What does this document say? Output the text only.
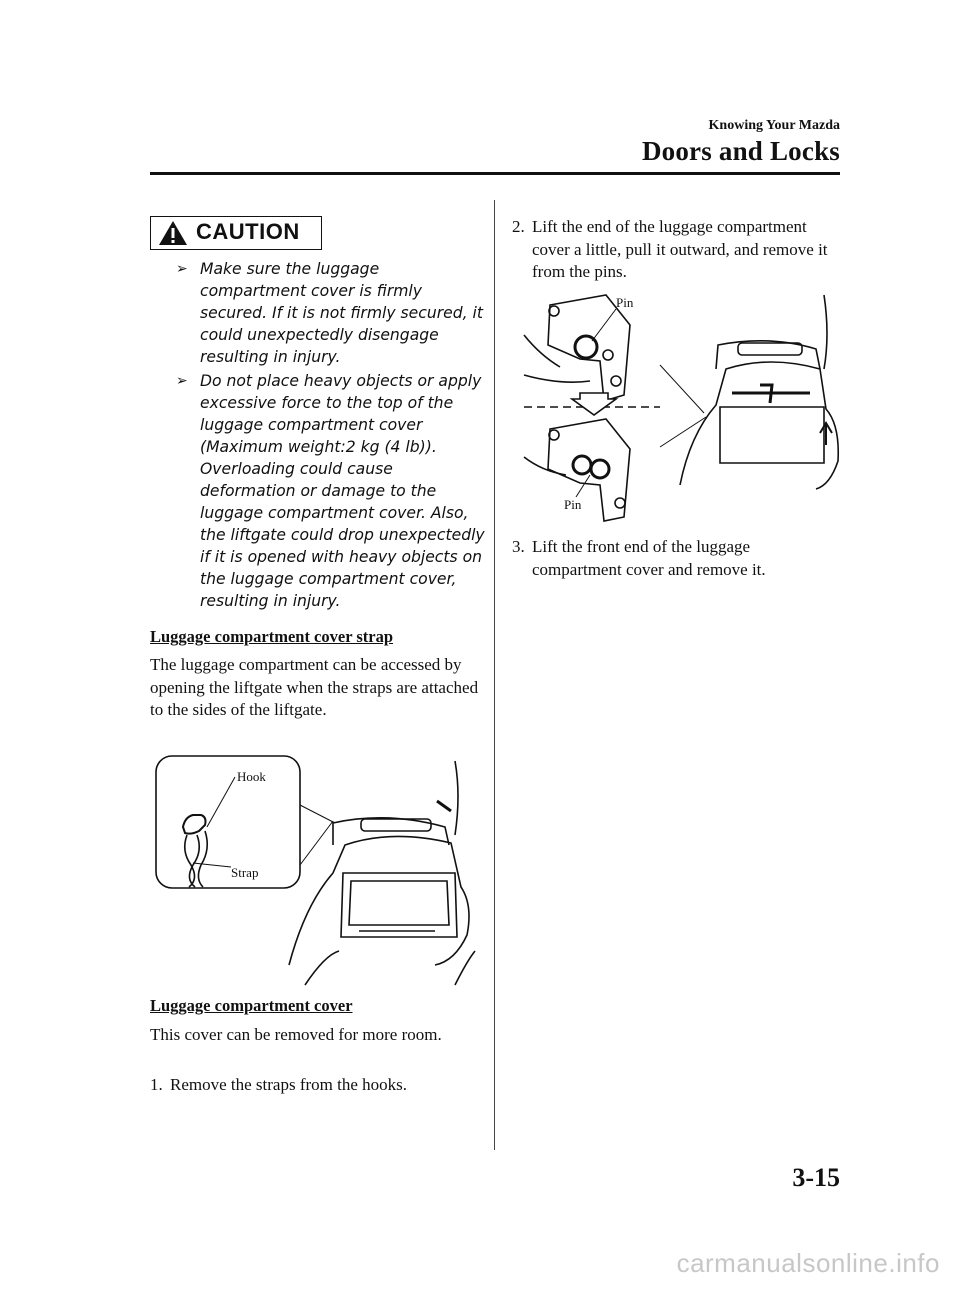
Knowing Your Mazda
Doors and Locks
CAUTION
➢ Make sure the luggage compartment cover is firmly secured. If it is not firmly secured, it could unexpectedly disengage resulting in injury.
➢ Do not place heavy objects or apply excessive force to the top of the luggage compartment cover (Maximum weight:2 kg (4 lb)). Overloading could cause deformation or damage to the luggage compartment cover. Also, the liftgate could drop unexpectedly if it is opened with heavy objects on the luggage compartment cover, resulting in injury.
Luggage compartment cover strap
The luggage compartment can be accessed by opening the liftgate when the straps are attached to the sides of the liftgate.
Hook
Strap
Luggage compartment cover
This cover can be removed for more room.
1. Remove the straps from the hooks.
2. Lift the end of the luggage compartment cover a little, pull it outward, and remove it from the pins.
Pin
Pin
3. Lift the front end of the luggage compartment cover and remove it.
3-15
carmanualsonline.info
